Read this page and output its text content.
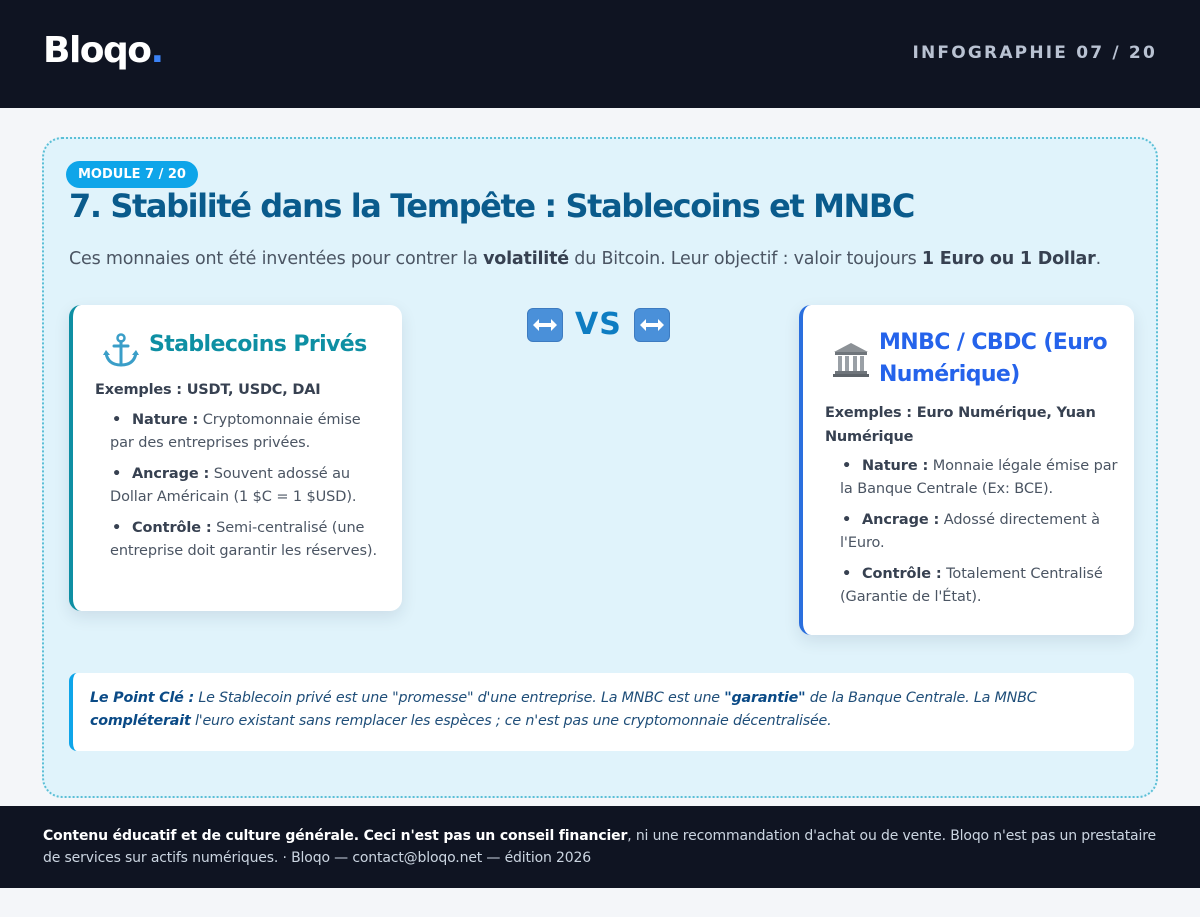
Bloqo.	INFOGRAPHIE 07 / 20
MODULE 7 / 20
7. Stabilité dans la Tempête : Stablecoins et MNBC

Ces monnaies ont été inventées pour contrer la volatilité du Bitcoin. Leur objectif : valoir toujours 1 Euro ou 1 Dollar.

Stablecoins Privés
Exemples : USDT, USDC, DAI
• Nature : Cryptomonnaie émise par des entreprises privées.
• Ancrage : Souvent adossé au Dollar Américain (1 $C = 1 $USD).
• Contrôle : Semi-centralisé (une entreprise doit garantir les réserves).
VS
MNBC / CBDC (Euro Numérique)
Exemples : Euro Numérique, Yuan Numérique
• Nature : Monnaie légale émise par la Banque Centrale (Ex: BCE).
• Ancrage : Adossé directement à l'Euro.
• Contrôle : Totalement Centralisé (Garantie de l'État).
Le Point Clé : Le Stablecoin privé est une "promesse" d'une entreprise. La MNBC est une "garantie" de la Banque Centrale. La MNBC compléterait l'euro existant sans remplacer les espèces ; ce n'est pas une cryptomonnaie décentralisée.
Contenu éducatif et de culture générale. Ceci n'est pas un conseil financier, ni une recommandation d'achat ou de vente. Bloqo n'est pas un prestataire de services sur actifs numériques. · Bloqo — contact@bloqo.net — édition 2026
